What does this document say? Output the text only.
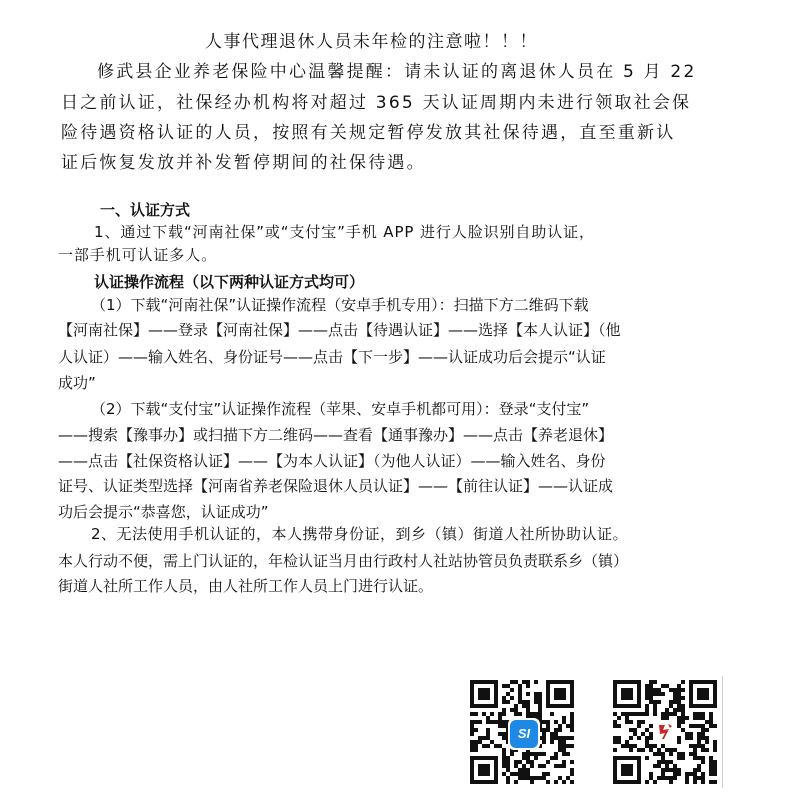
人事代理退休人员未年检的注意啦！！！
修武县企业养老保险中心温馨提醒：请未认证的离退休人员在 5 月 22
日之前认证，社保经办机构将对超过 365 天认证周期内未进行领取社会保
险待遇资格认证的人员，按照有关规定暂停发放其社保待遇，直至重新认
证后恢复发放并补发暂停期间的社保待遇。
一、认证方式
1、通过下载“河南社保”或“支付宝”手机 APP 进行人脸识别自助认证，
一部手机可认证多人。
认证操作流程（以下两种认证方式均可）
（1）下载“河南社保”认证操作流程（安卓手机专用）：扫描下方二维码下载
【河南社保】——登录【河南社保】——点击【待遇认证】——选择【本人认证】（他
人认证）——输入姓名、身份证号——点击【下一步】——认证成功后会提示“认证
成功”
（2）下载“支付宝”认证操作流程（苹果、安卓手机都可用）：登录“支付宝”
——搜索【豫事办】或扫描下方二维码——查看【通事豫办】——点击【养老退休】
——点击【社保资格认证】——【为本人认证】（为他人认证）——输入姓名、身份
证号、认证类型选择【河南省养老保险退休人员认证】——【前往认证】——认证成
功后会提示“恭喜您，认证成功”
2、无法使用手机认证的，本人携带身份证，到乡（镇）街道人社所协助认证。
本人行动不便，需上门认证的，年检认证当月由行政村人社站协管员负责联系乡（镇）
街道人社所工作人员，由人社所工作人员上门进行认证。
SI
